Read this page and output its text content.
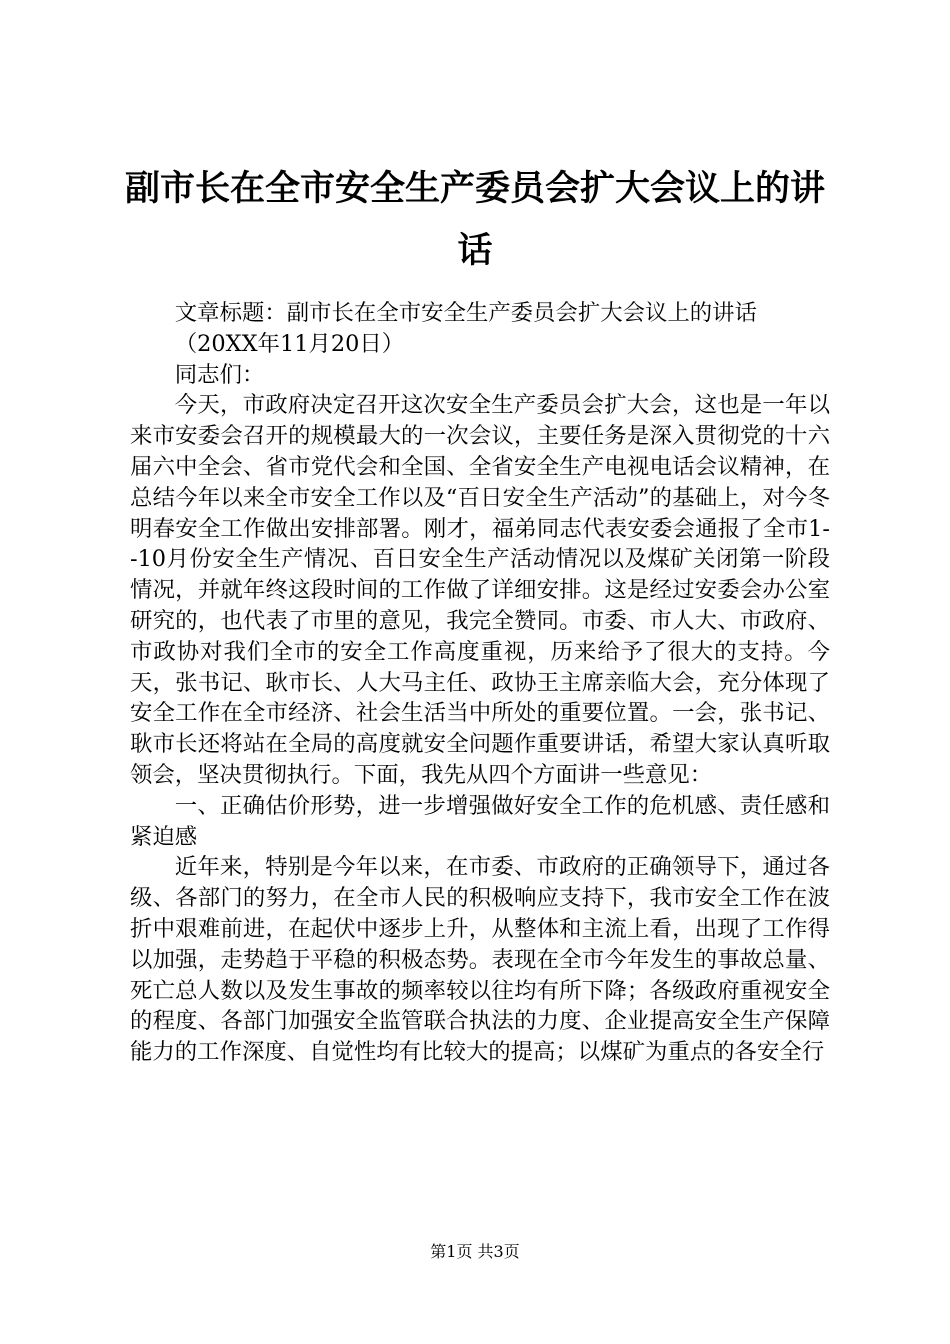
副市长在全市安全生产委员会扩大会议上的讲话

文章标题：副市长在全市安全生产委员会扩大会议上的讲话

（20XX年11月20日）

同志们：

今天，市政府决定召开这次安全生产委员会扩大会，这也是一年以来市安委会召开的规模最大的一次会议，主要任务是深入贯彻党的十六届六中全会、省市党代会和全国、全省安全生产电视电话会议精神，在总结今年以来全市安全工作以及“百日安全生产活动”的基础上，对今冬明春安全工作做出安排部署。刚才，福弟同志代表安委会通报了全市1--10月份安全生产情况、百日安全生产活动情况以及煤矿关闭第一阶段情况，并就年终这段时间的工作做了详细安排。这是经过安委会办公室研究的，也代表了市里的意见，我完全赞同。市委、市人大、市政府、市政协对我们全市的安全工作高度重视，历来给予了很大的支持。今天，张书记、耿市长、人大马主任、政协王主席亲临大会，充分体现了安全工作在全市经济、社会生活当中所处的重要位置。一会，张书记、耿市长还将站在全局的高度就安全问题作重要讲话，希望大家认真听取领会，坚决贯彻执行。下面，我先从四个方面讲一些意见：

一、正确估价形势，进一步增强做好安全工作的危机感、责任感和紧迫感

近年来，特别是今年以来，在市委、市政府的正确领导下，通过各级、各部门的努力，在全市人民的积极响应支持下，我市安全工作在波折中艰难前进，在起伏中逐步上升，从整体和主流上看，出现了工作得以加强，走势趋于平稳的积极态势。表现在全市今年发生的事故总量、死亡总人数以及发生事故的频率较以往均有所下降；各级政府重视安全的程度、各部门加强安全监管联合执法的力度、企业提高安全生产保障能力的工作深度、自觉性均有比较大的提高；以煤矿为重点的各安全行

第1页 共3页
